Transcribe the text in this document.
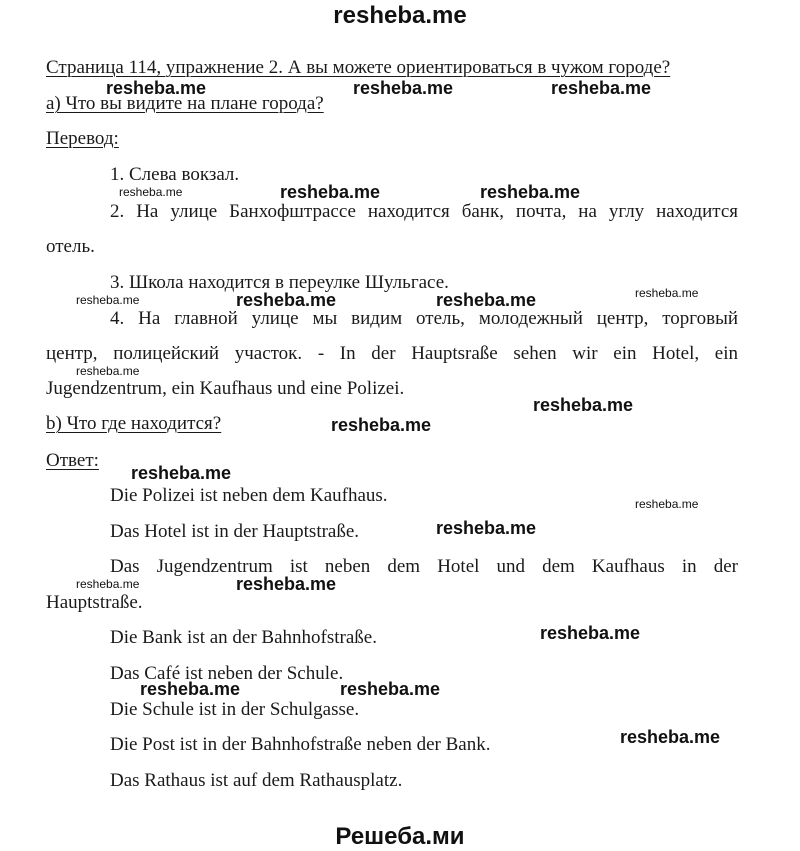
resheba.me
Страница 114, упражнение 2. А вы можете ориентироваться в чужом городе?
а) Что вы видите на плане города?
Перевод:
1. Слева вокзал.
2. На улице Банхофштрассе находится банк, почта, на углу находится
отель.
3. Школа находится в переулке Шульгасе.
4. На главной улице мы видим отель, молодежный центр, торговый
центр, полицейский участок. - In der Hauptsraße sehen wir ein Hotel, ein
Jugendzentrum, ein Kaufhaus und eine Polizei.
b) Что где находится?
Ответ:
Die Polizei ist neben dem Kaufhaus.
Das Hotel ist in der Hauptstraße.
Das Jugendzentrum ist neben dem Hotel und dem Kaufhaus in der
Hauptstraße.
Die Bank ist an der Bahnhofstraße.
Das Café ist neben der Schule.
Die Schule ist in der Schulgasse.
Die Post ist in der Bahnhofstraße neben der Bank.
Das Rathaus ist auf dem Rathausplatz.
resheba.me	resheba.me	resheba.me
resheba.me	resheba.me
resheba.me	resheba.me
resheba.me
resheba.me
resheba.me
resheba.me
resheba.me
resheba.me
resheba.me	resheba.me
resheba.me
resheba.me
resheba.me	resheba.me
resheba.me
resheba.me
resheba.me
Решеба.ми
